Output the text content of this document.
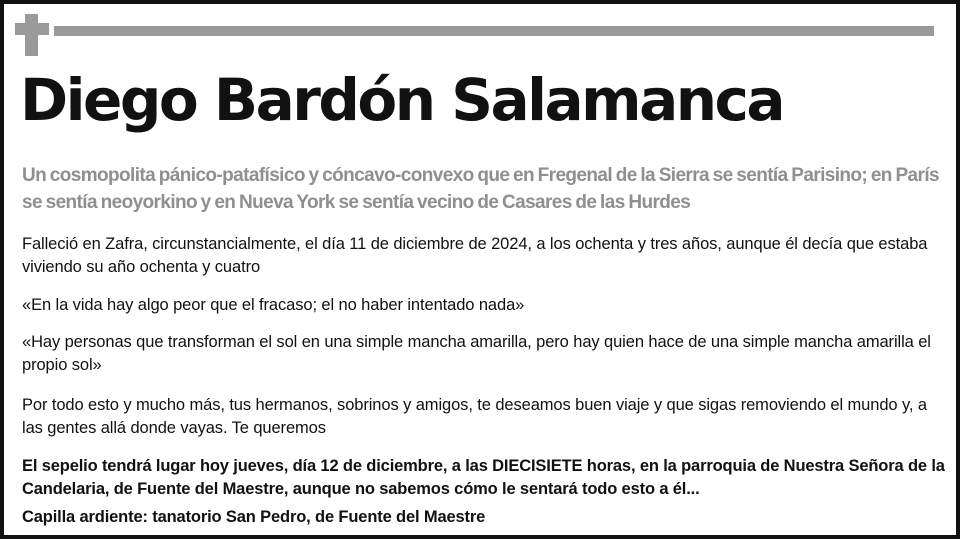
Diego Bardón Salamanca

Un cosmopolita pánico-patafísico y cóncavo-convexo que en Fregenal de la Sierra se sentía Parisino; en París se sentía neoyorkino y en Nueva York se sentía vecino de Casares de las Hurdes

Falleció en Zafra, circunstancialmente, el día 11 de diciembre de 2024, a los ochenta y tres años, aunque él decía que estaba viviendo su año ochenta y cuatro

«En la vida hay algo peor que el fracaso; el no haber intentado nada»

«Hay personas que transforman el sol en una simple mancha amarilla, pero hay quien hace de una simple mancha amarilla el propio sol»

Por todo esto y mucho más, tus hermanos, sobrinos y amigos, te deseamos buen viaje y que sigas removiendo el mundo y, a las gentes allá donde vayas. Te queremos

El sepelio tendrá lugar hoy jueves, día 12 de diciembre, a las DIECISIETE horas, en la parroquia de Nuestra Señora de la Candelaria, de Fuente del Maestre, aunque no sabemos cómo le sentará todo esto a él...

Capilla ardiente: tanatorio San Pedro, de Fuente del Maestre
